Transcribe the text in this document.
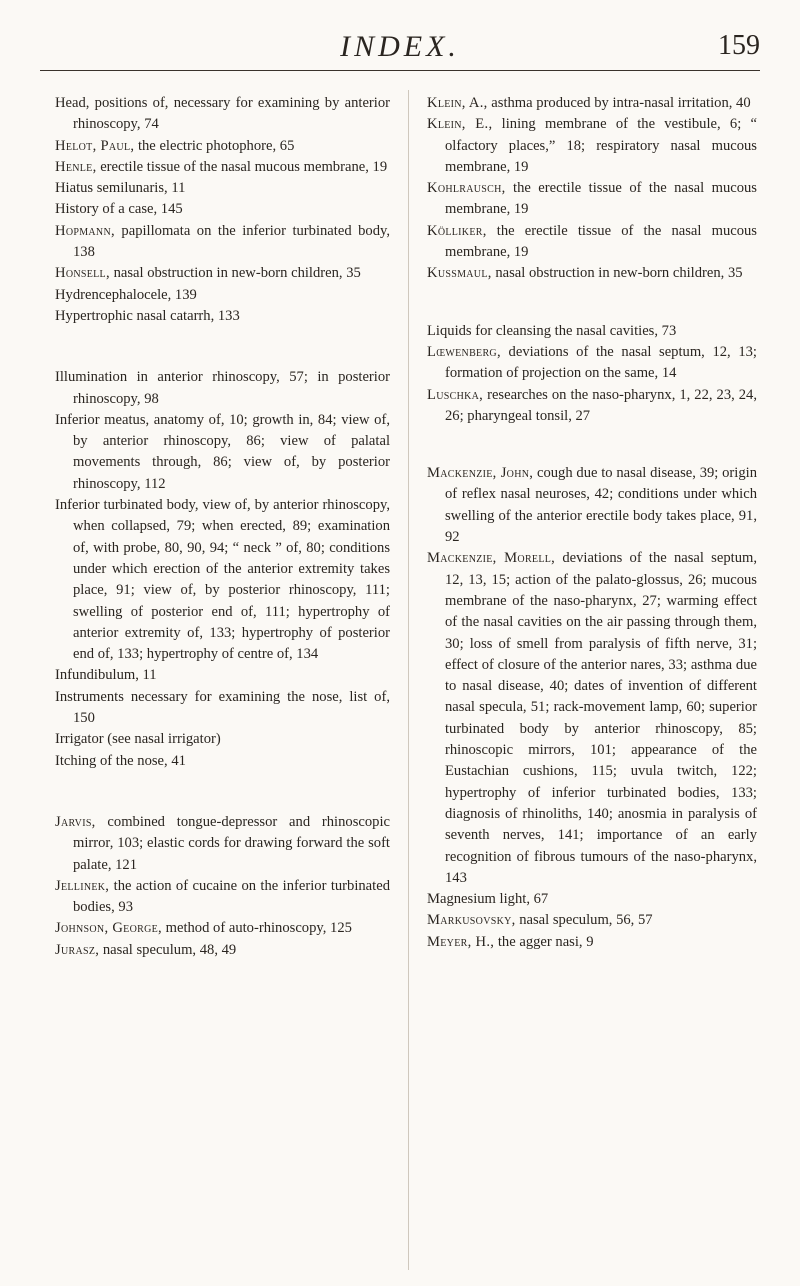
INDEX.	159

Head, positions of, necessary for examining by anterior rhinoscopy, 74

Helot, Paul, the electric photophore, 65

Henle, erectile tissue of the nasal mucous membrane, 19

Hiatus semilunaris, 11

History of a case, 145

Hopmann, papillomata on the inferior turbinated body, 138

Honsell, nasal obstruction in new-born children, 35

Hydrencephalocele, 139

Hypertrophic nasal catarrh, 133

Illumination in anterior rhinoscopy, 57; in posterior rhinoscopy, 98

Inferior meatus, anatomy of, 10; growth in, 84; view of, by anterior rhinoscopy, 86; view of palatal movements through, 86; view of, by posterior rhinoscopy, 112

Inferior turbinated body, view of, by anterior rhinoscopy, when collapsed, 79; when erected, 89; examination of, with probe, 80, 90, 94; “ neck ” of, 80; conditions under which erection of the anterior extremity takes place, 91; view of, by posterior rhinoscopy, 111; swelling of posterior end of, 111; hypertrophy of anterior extremity of, 133; hypertrophy of posterior end of, 133; hypertrophy of centre of, 134

Infundibulum, 11

Instruments necessary for examining the nose, list of, 150

Irrigator (see nasal irrigator)

Itching of the nose, 41

Jarvis, combined tongue-depressor and rhinoscopic mirror, 103; elastic cords for drawing forward the soft palate, 121

Jellinek, the action of cucaine on the inferior turbinated bodies, 93

Johnson, George, method of auto-rhinoscopy, 125

Jurasz, nasal speculum, 48, 49

Klein, A., asthma produced by intra-nasal irritation, 40

Klein, E., lining membrane of the vestibule, 6; “ olfactory places,” 18; respiratory nasal mucous membrane, 19

Kohlrausch, the erectile tissue of the nasal mucous membrane, 19

Kölliker, the erectile tissue of the nasal mucous membrane, 19

Kussmaul, nasal obstruction in new-born children, 35

Liquids for cleansing the nasal cavities, 73

Lœwenberg, deviations of the nasal septum, 12, 13; formation of projection on the same, 14

Luschka, researches on the naso-pharynx, 1, 22, 23, 24, 26; pharyngeal tonsil, 27

Mackenzie, John, cough due to nasal disease, 39; origin of reflex nasal neuroses, 42; conditions under which swelling of the anterior erectile body takes place, 91, 92

Mackenzie, Morell, deviations of the nasal septum, 12, 13, 15; action of the palato-glossus, 26; mucous membrane of the naso-pharynx, 27; warming effect of the nasal cavities on the air passing through them, 30; loss of smell from paralysis of fifth nerve, 31; effect of closure of the anterior nares, 33; asthma due to nasal disease, 40; dates of invention of different nasal specula, 51; rack-movement lamp, 60; superior turbinated body by anterior rhinoscopy, 85; rhinoscopic mirrors, 101; appearance of the Eustachian cushions, 115; uvula twitch, 122; hypertrophy of inferior turbinated bodies, 133; diagnosis of rhinoliths, 140; anosmia in paralysis of seventh nerves, 141; importance of an early recognition of fibrous tumours of the naso-pharynx, 143

Magnesium light, 67

Markusovsky, nasal speculum, 56, 57

Meyer, H., the agger nasi, 9
